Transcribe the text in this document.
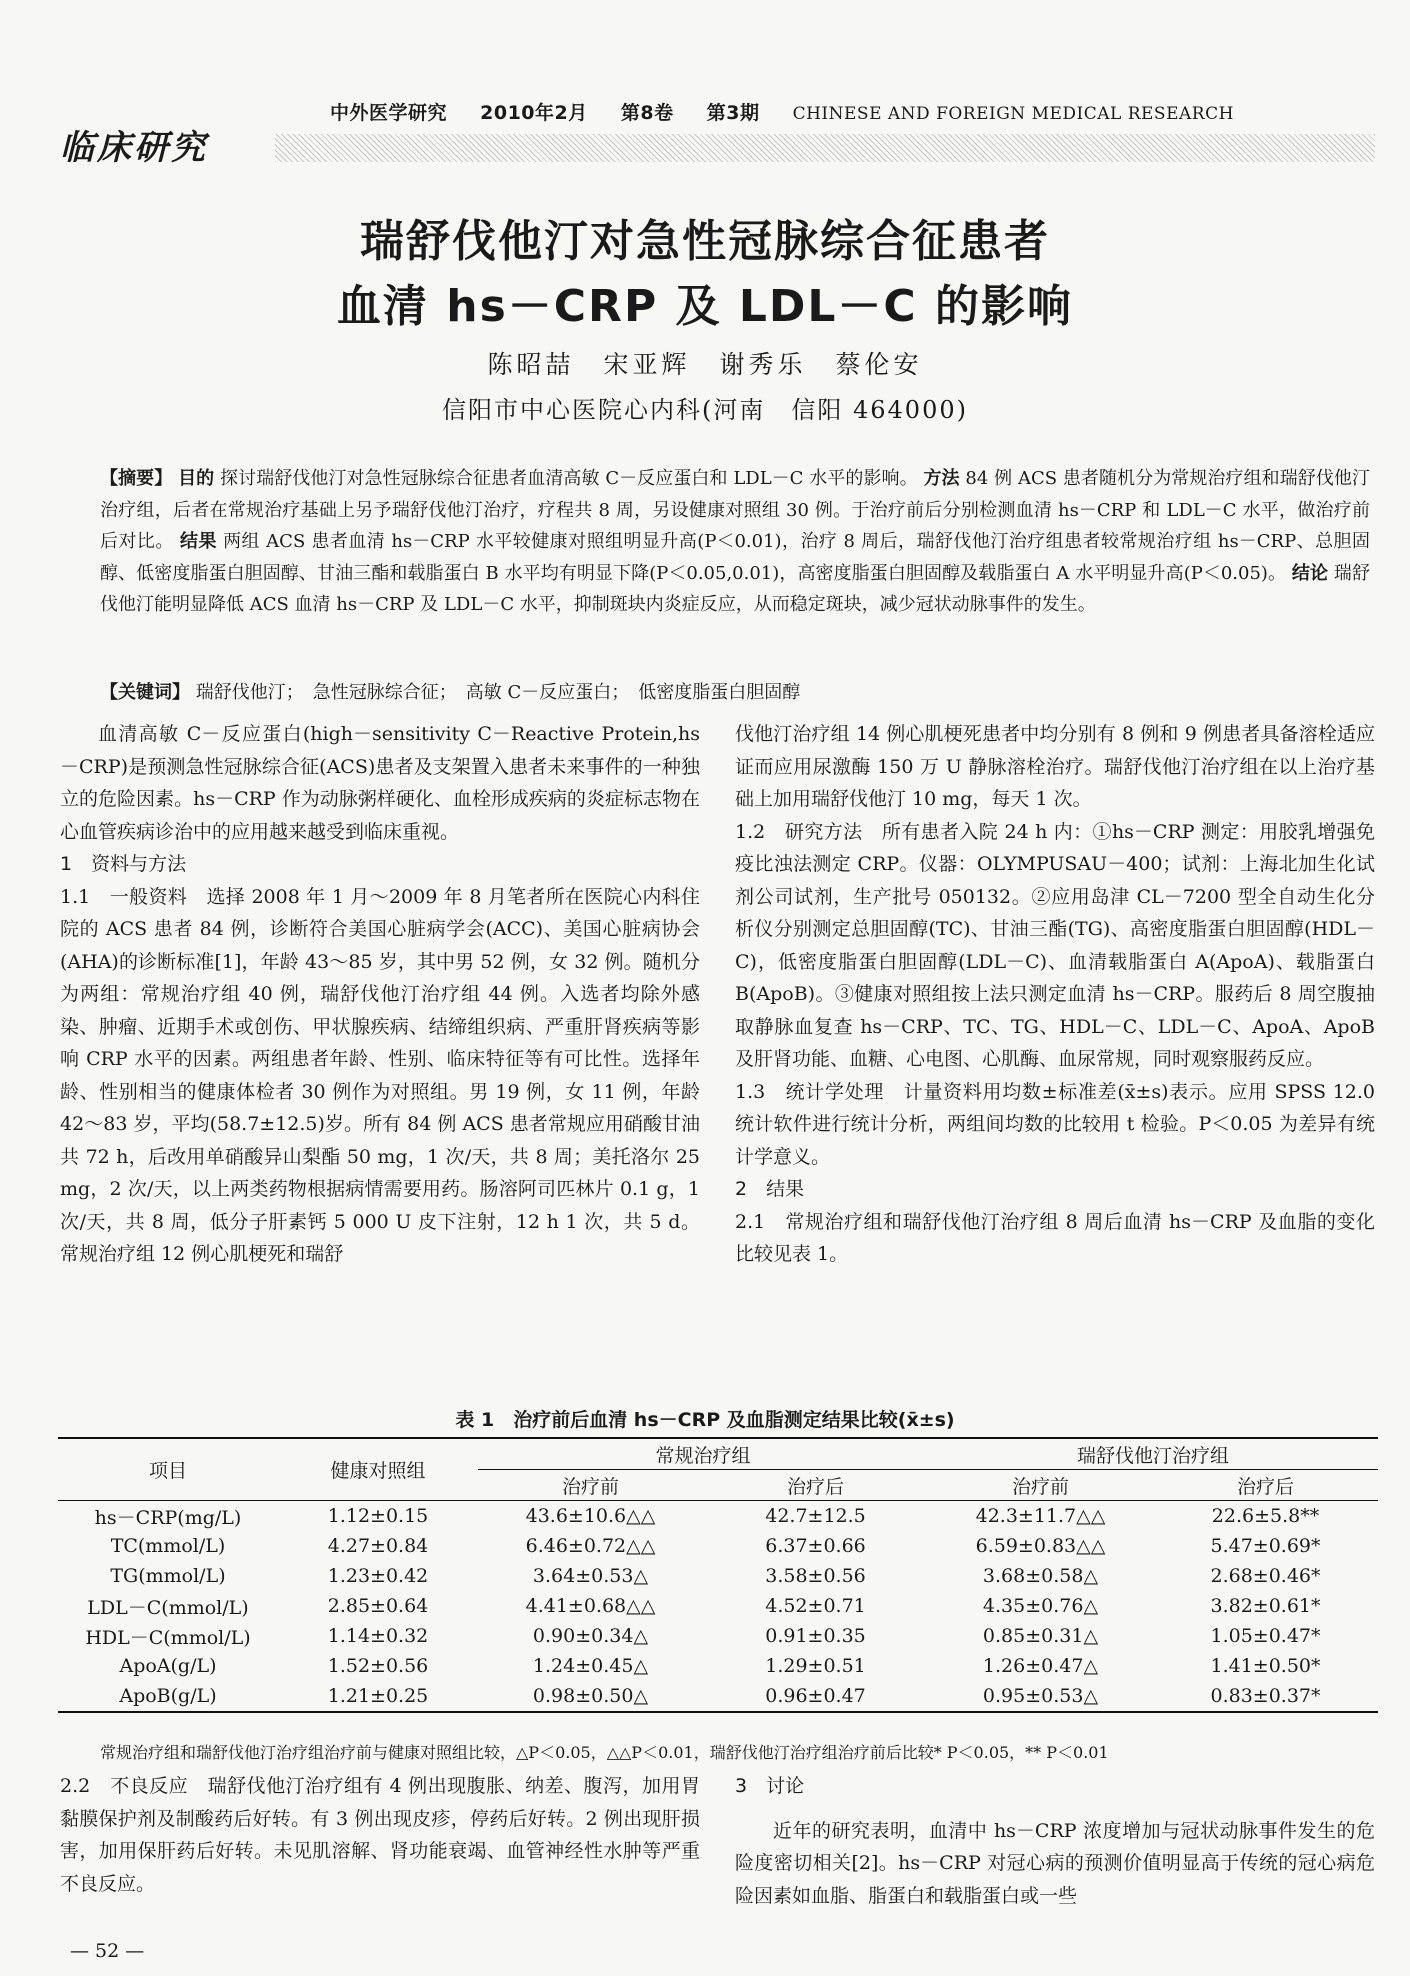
中外医学研究 2010年2月 第8卷 第3期 CHINESE AND FOREIGN MEDICAL RESEARCH
临床研究
瑞舒伐他汀对急性冠脉综合征患者
血清 hs－CRP 及 LDL－C 的影响
陈昭喆　宋亚辉　谢秀乐　蔡伦安
信阳市中心医院心内科(河南　信阳 464000)
【摘要】 目的 探讨瑞舒伐他汀对急性冠脉综合征患者血清高敏 C－反应蛋白和 LDL－C 水平的影响。 方法 84 例 ACS 患者随机分为常规治疗组和瑞舒伐他汀治疗组，后者在常规治疗基础上另予瑞舒伐他汀治疗，疗程共 8 周，另设健康对照组 30 例。于治疗前后分别检测血清 hs－CRP 和 LDL－C 水平，做治疗前后对比。 结果 两组 ACS 患者血清 hs－CRP 水平较健康对照组明显升高(P＜0.01)，治疗 8 周后，瑞舒伐他汀治疗组患者较常规治疗组 hs－CRP、总胆固醇、低密度脂蛋白胆固醇、甘油三酯和载脂蛋白 B 水平均有明显下降(P＜0.05,0.01)，高密度脂蛋白胆固醇及载脂蛋白 A 水平明显升高(P＜0.05)。 结论 瑞舒伐他汀能明显降低 ACS 血清 hs－CRP 及 LDL－C 水平，抑制斑块内炎症反应，从而稳定斑块，减少冠状动脉事件的发生。
【关键词】 瑞舒伐他汀；　急性冠脉综合征；　高敏 C－反应蛋白；　低密度脂蛋白胆固醇

血清高敏 C－反应蛋白(high－sensitivity C－Reactive Protein,hs－CRP)是预测急性冠脉综合征(ACS)患者及支架置入患者未来事件的一种独立的危险因素。hs－CRP 作为动脉粥样硬化、血栓形成疾病的炎症标志物在心血管疾病诊治中的应用越来越受到临床重视。

1　资料与方法

1.1　一般资料　选择 2008 年 1 月～2009 年 8 月笔者所在医院心内科住院的 ACS 患者 84 例，诊断符合美国心脏病学会(ACC)、美国心脏病协会(AHA)的诊断标准[1]，年龄 43～85 岁，其中男 52 例，女 32 例。随机分为两组：常规治疗组 40 例，瑞舒伐他汀治疗组 44 例。入选者均除外感染、肿瘤、近期手术或创伤、甲状腺疾病、结缔组织病、严重肝肾疾病等影响 CRP 水平的因素。两组患者年龄、性别、临床特征等有可比性。选择年龄、性别相当的健康体检者 30 例作为对照组。男 19 例，女 11 例，年龄 42～83 岁，平均(58.7±12.5)岁。所有 84 例 ACS 患者常规应用硝酸甘油共 72 h，后改用单硝酸异山梨酯 50 mg，1 次/天，共 8 周；美托洛尔 25 mg，2 次/天，以上两类药物根据病情需要用药。肠溶阿司匹林片 0.1 g，1 次/天，共 8 周，低分子肝素钙 5 000 U 皮下注射，12 h 1 次，共 5 d。常规治疗组 12 例心肌梗死和瑞舒

伐他汀治疗组 14 例心肌梗死患者中均分别有 8 例和 9 例患者具备溶栓适应证而应用尿激酶 150 万 U 静脉溶栓治疗。瑞舒伐他汀治疗组在以上治疗基础上加用瑞舒伐他汀 10 mg，每天 1 次。

1.2　研究方法　所有患者入院 24 h 内：①hs－CRP 测定：用胶乳增强免疫比浊法测定 CRP。仪器：OLYMPUSAU－400；试剂：上海北加生化试剂公司试剂，生产批号 050132。②应用岛津 CL－7200 型全自动生化分析仪分别测定总胆固醇(TC)、甘油三酯(TG)、高密度脂蛋白胆固醇(HDL－C)，低密度脂蛋白胆固醇(LDL－C)、血清载脂蛋白 A(ApoA)、载脂蛋白 B(ApoB)。③健康对照组按上法只测定血清 hs－CRP。服药后 8 周空腹抽取静脉血复查 hs－CRP、TC、TG、HDL－C、LDL－C、ApoA、ApoB 及肝肾功能、血糖、心电图、心肌酶、血尿常规，同时观察服药反应。

1.3　统计学处理　计量资料用均数±标准差(x̄±s)表示。应用 SPSS 12.0 统计软件进行统计分析，两组间均数的比较用 t 检验。P＜0.05 为差异有统计学意义。

2　结果

2.1　常规治疗组和瑞舒伐他汀治疗组 8 周后血清 hs－CRP 及血脂的变化比较见表 1。

表 1　治疗前后血清 hs－CRP 及血脂测定结果比较(x̄±s)
项目	健康对照组	常规治疗组		瑞舒伐他汀治疗组	
		治疗前	治疗后	治疗前	治疗后
hs－CRP(mg/L)	1.12±0.15	43.6±10.6△△	42.7±12.5	42.3±11.7△△	22.6±5.8**
TC(mmol/L)	4.27±0.84	6.46±0.72△△	6.37±0.66	6.59±0.83△△	5.47±0.69*
TG(mmol/L)	1.23±0.42	3.64±0.53△	3.58±0.56	3.68±0.58△	2.68±0.46*
LDL－C(mmol/L)	2.85±0.64	4.41±0.68△△	4.52±0.71	4.35±0.76△	3.82±0.61*
HDL－C(mmol/L)	1.14±0.32	0.90±0.34△	0.91±0.35	0.85±0.31△	1.05±0.47*
ApoA(g/L)	1.52±0.56	1.24±0.45△	1.29±0.51	1.26±0.47△	1.41±0.50*
ApoB(g/L)	1.21±0.25	0.98±0.50△	0.96±0.47	0.95±0.53△	0.83±0.37*
常规治疗组和瑞舒伐他汀治疗组治疗前与健康对照组比较，△P＜0.05，△△P＜0.01，瑞舒伐他汀治疗组治疗前后比较* P＜0.05，** P＜0.01

2.2　不良反应　瑞舒伐他汀治疗组有 4 例出现腹胀、纳差、腹泻，加用胃黏膜保护剂及制酸药后好转。有 3 例出现皮疹，停药后好转。2 例出现肝损害，加用保肝药后好转。未见肌溶解、肾功能衰竭、血管神经性水肿等严重不良反应。

3　讨论

近年的研究表明，血清中 hs－CRP 浓度增加与冠状动脉事件发生的危险度密切相关[2]。hs－CRP 对冠心病的预测价值明显高于传统的冠心病危险因素如血脂、脂蛋白和载脂蛋白或一些

— 52 —
